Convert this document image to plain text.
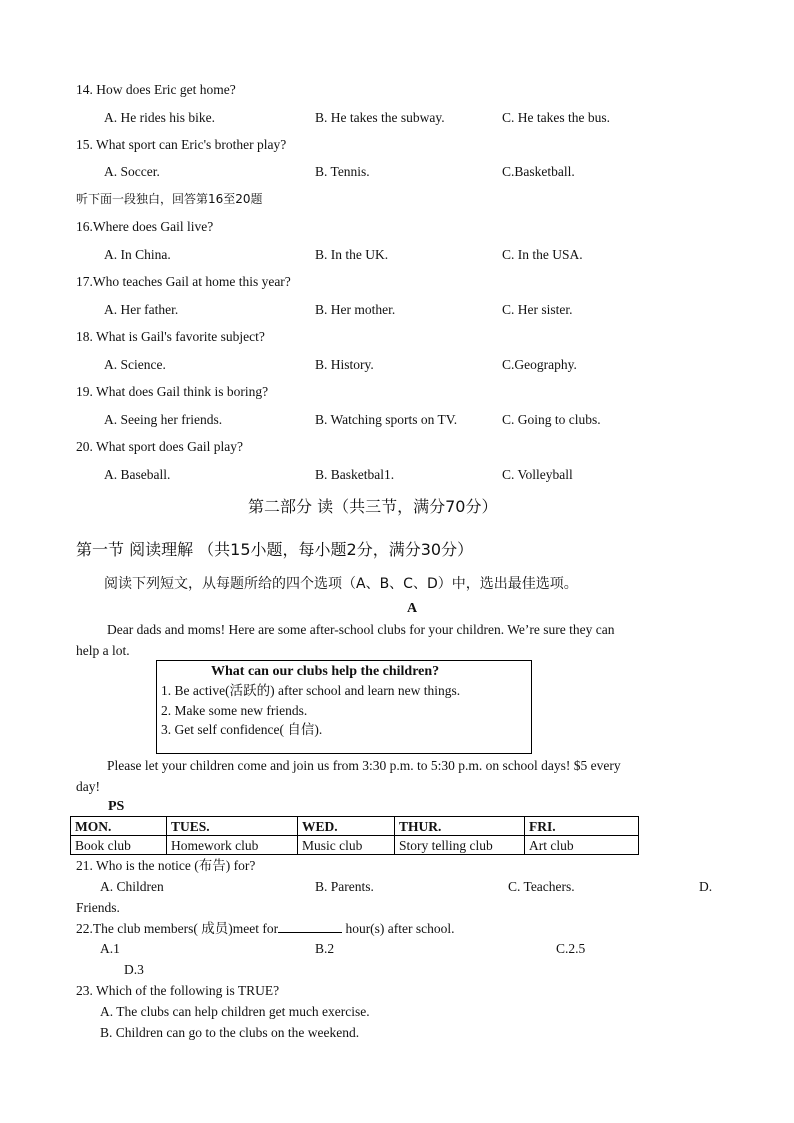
14. How does Eric get home?
A. He rides his bike.	B. He takes the subway.	C. He takes the bus.
15. What sport can Eric's brother play?
A. Soccer.	B. Tennis.	C.Basketball.
听下面一段独白，回答第16至20题
16.Where does Gail live?
A. In China.	B. In the UK.	C. In the USA.
17.Who teaches Gail at home this year?
A. Her father.	B. Her mother.	C. Her sister.
18. What is Gail's favorite subject?
A. Science.	B. History.	C.Geography.
19. What does Gail think is boring?
A. Seeing her friends.	B. Watching sports on TV.	C. Going to clubs.
20. What sport does Gail play?
A. Baseball.	B. Basketbal1.	C. Volleyball
第二部分 读（共三节，满分70分）
第一节 阅读理解 （共15小题，每小题2分，满分30分）
阅读下列短文，从每题所给的四个选项（A、B、C、D）中，选出最佳选项。
A
Dear dads and moms! Here are some after-school clubs for your children. We’re sure they can
help a lot.
What can our clubs help the children?
1. Be active(活跃的) after school and learn new things.
2. Make some new friends.
3. Get self confidence( 自信).
Please let your children come and join us from 3:30 p.m. to 5:30 p.m. on school days! $5 every
day!
PS
MON.	TUES.	WED.	THUR.	FRI.
Book club	Homework club	Music club	Story telling club	Art club
21. Who is the notice (布告) for?
A. Children	B. Parents.	C. Teachers.	D.
Friends.
22.The club members( 成员)meet for	hour(s) after school.
A.1	B.2	C.2.5
D.3
23. Which of the following is TRUE?
A. The clubs can help children get much exercise.
B. Children can go to the clubs on the weekend.
